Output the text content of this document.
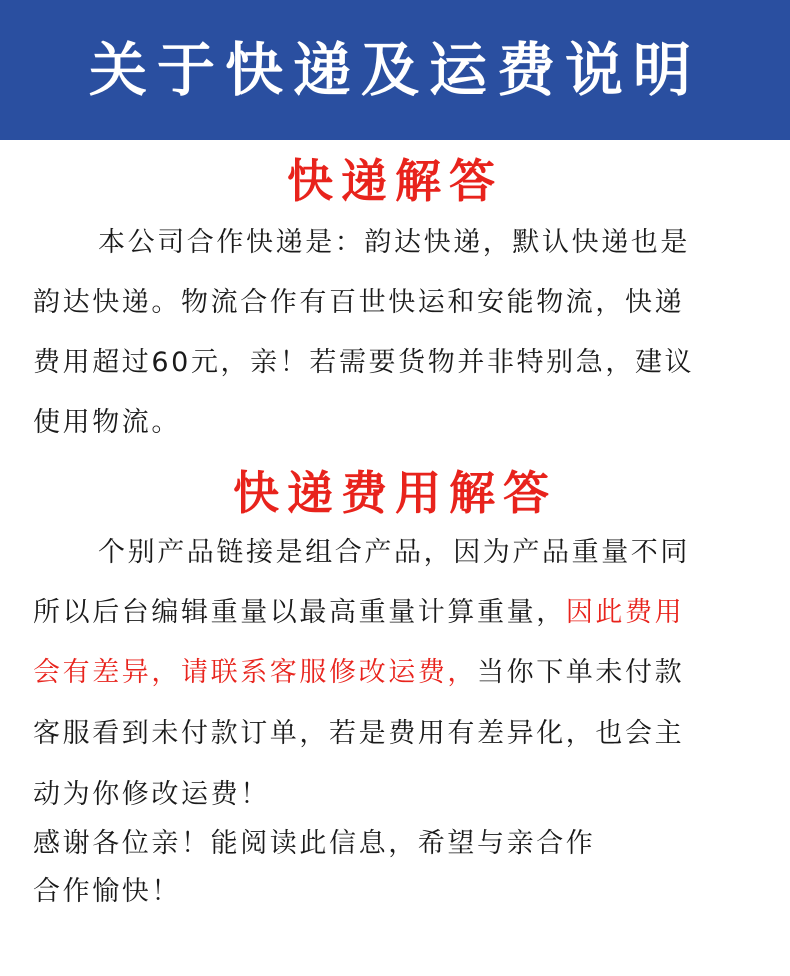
关于快递及运费说明
快递解答
本公司合作快递是：韵达快递，默认快递也是
韵达快递。物流合作有百世快运和安能物流，快递
费用超过60元，亲！若需要货物并非特别急，建议
使用物流。
快递费用解答
个别产品链接是组合产品，因为产品重量不同
所以后台编辑重量以最高重量计算重量，因此费用
会有差异，请联系客服修改运费，当你下单未付款
客服看到未付款订单，若是费用有差异化，也会主
动为你修改运费！
感谢各位亲！能阅读此信息，希望与亲合作
合作愉快！
